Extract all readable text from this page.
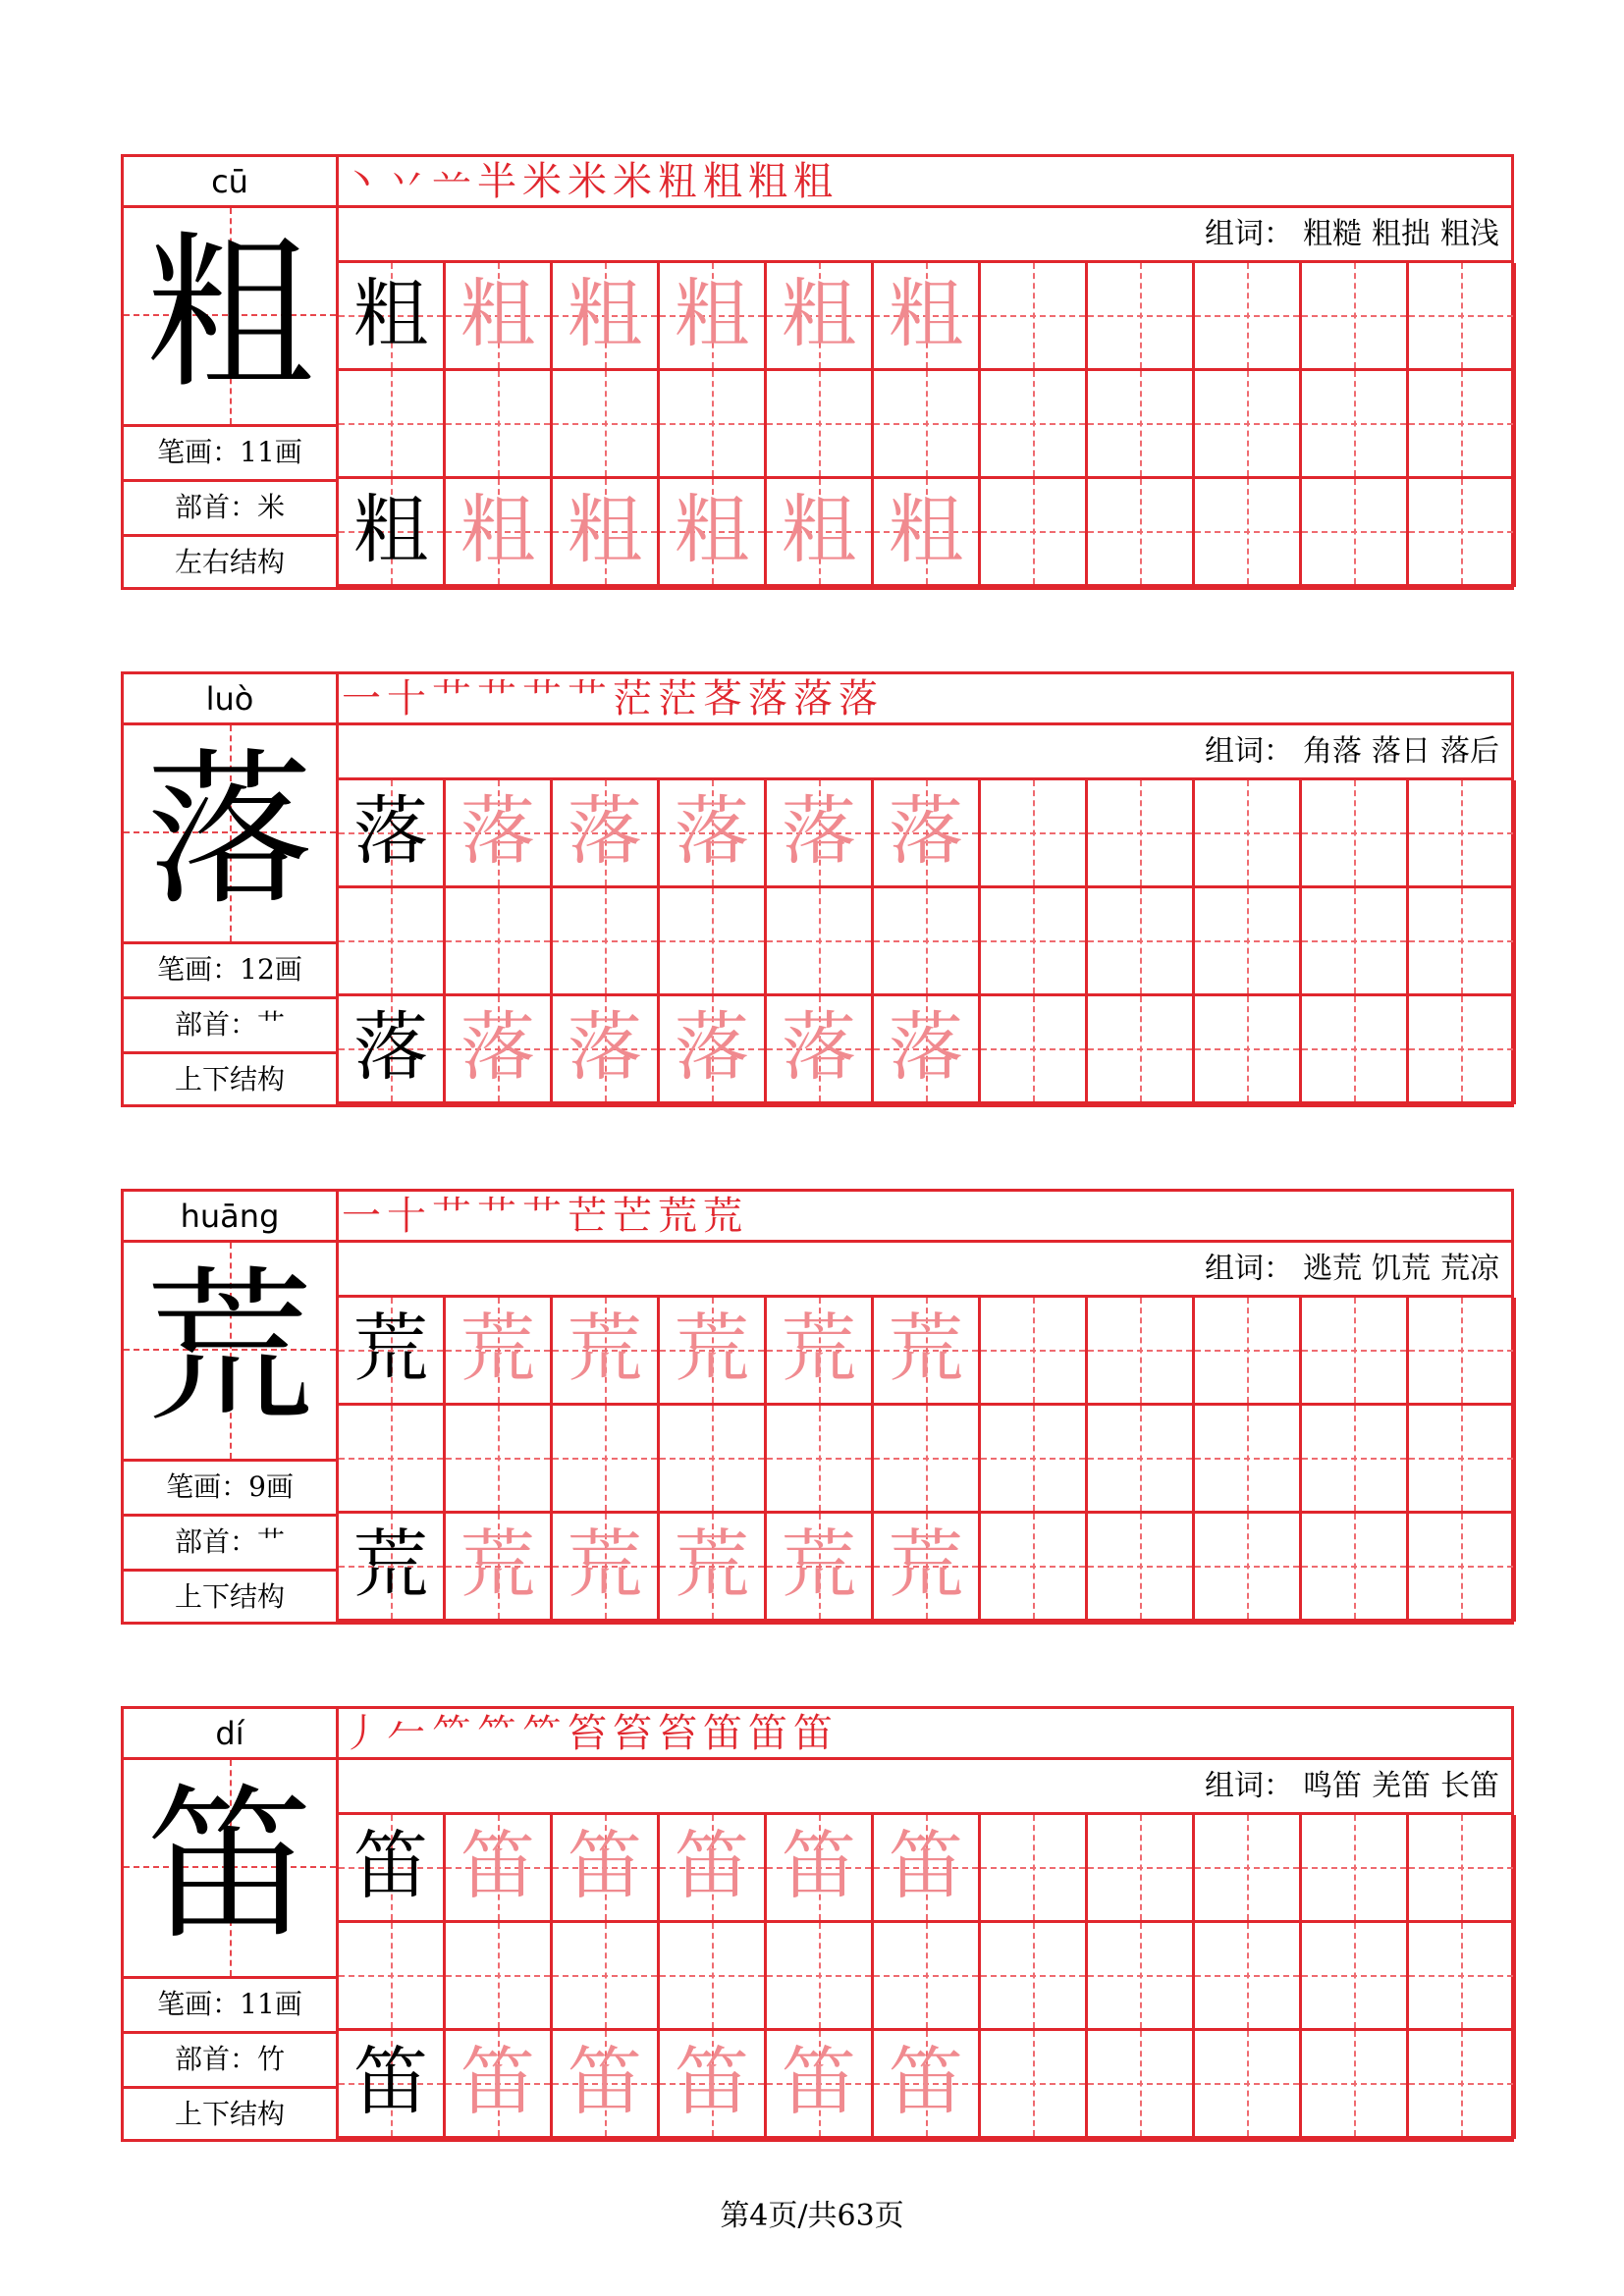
cū
粗
笔画：11画
部首：米
左右结构
丶 丷 䒑 半 米 米 米 粈 粗 粗 粗
组词： 粗糙 粗拙 粗浅
粗 粗 粗 粗 粗 粗
粗 粗 粗 粗 粗 粗
luò
落
笔画：12画
部首：艹
上下结构
一 十 艹 艹 艹 艹 茫 茫 茖 落 落 落
组词： 角落 落日 落后
落 落 落 落 落 落
落 落 落 落 落 落
huāng
荒
笔画：9画
部首：艹
上下结构
一 十 艹 艹 艹 芒 芒 荒 荒
组词： 逃荒 饥荒 荒凉
荒 荒 荒 荒 荒 荒
荒 荒 荒 荒 荒 荒
dí
笛
笔画：11画
部首：竹
上下结构
丿 𠂉 ⺮ ⺮ ⺮ 笞 笞 笞 笛 笛 笛
组词： 鸣笛 羌笛 长笛
笛 笛 笛 笛 笛 笛
笛 笛 笛 笛 笛 笛
第4页/共63页
